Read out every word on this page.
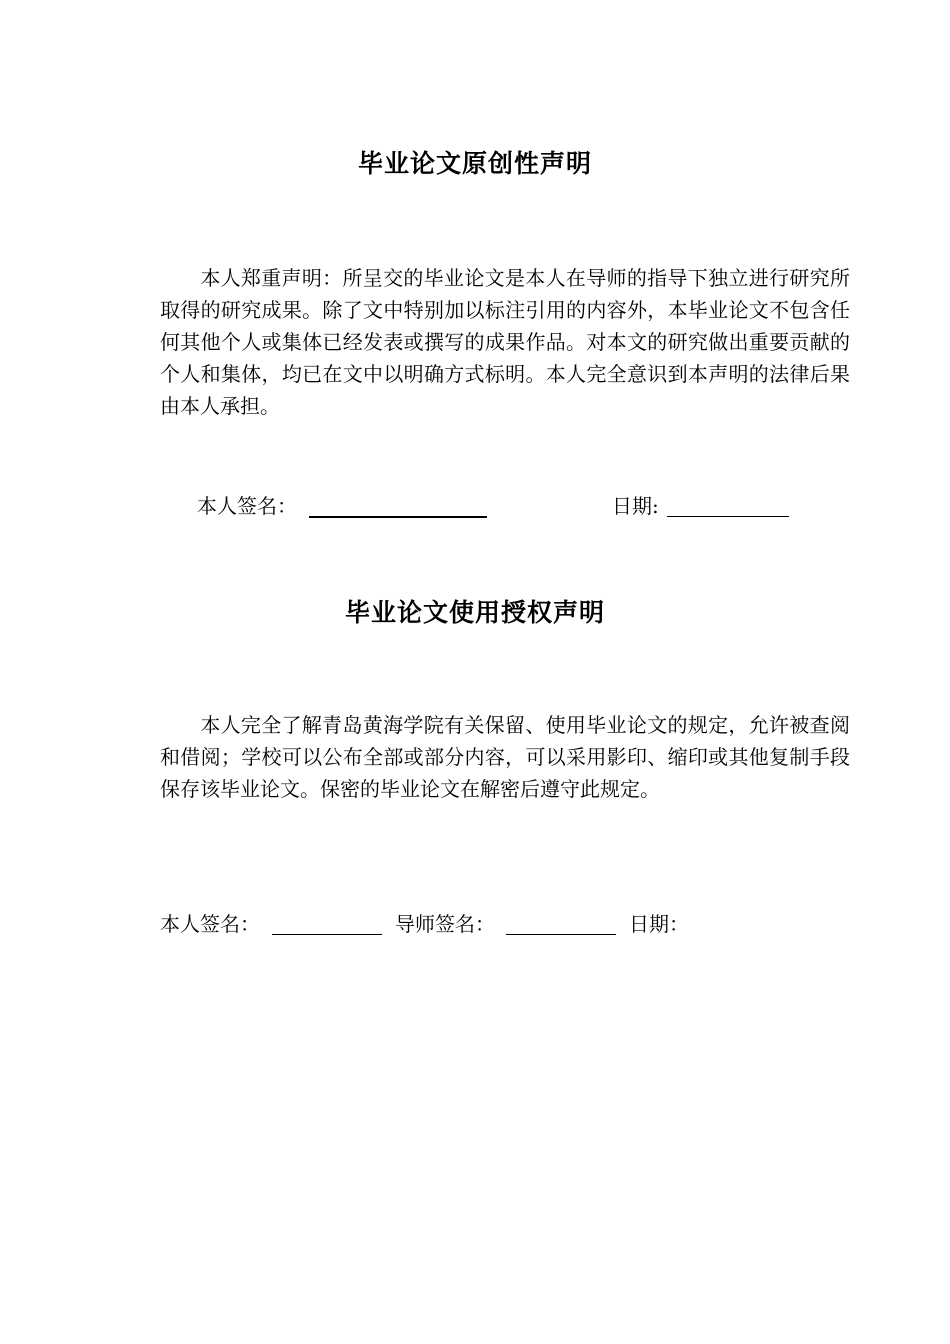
毕业论文原创性声明
本人郑重声明：所呈交的毕业论文是本人在导师的指导下独立进行研究所取得的研究成果。除了文中特别加以标注引用的内容外，本毕业论文不包含任何其他个人或集体已经发表或撰写的成果作品。对本文的研究做出重要贡献的个人和集体，均已在文中以明确方式标明。本人完全意识到本声明的法律后果由本人承担。
本人签名：	日期:
毕业论文使用授权声明
本人完全了解青岛黄海学院有关保留、使用毕业论文的规定，允许被查阅和借阅；学校可以公布全部或部分内容，可以采用影印、缩印或其他复制手段保存该毕业论文。保密的毕业论文在解密后遵守此规定。
本人签名：	导师签名：	日期：
